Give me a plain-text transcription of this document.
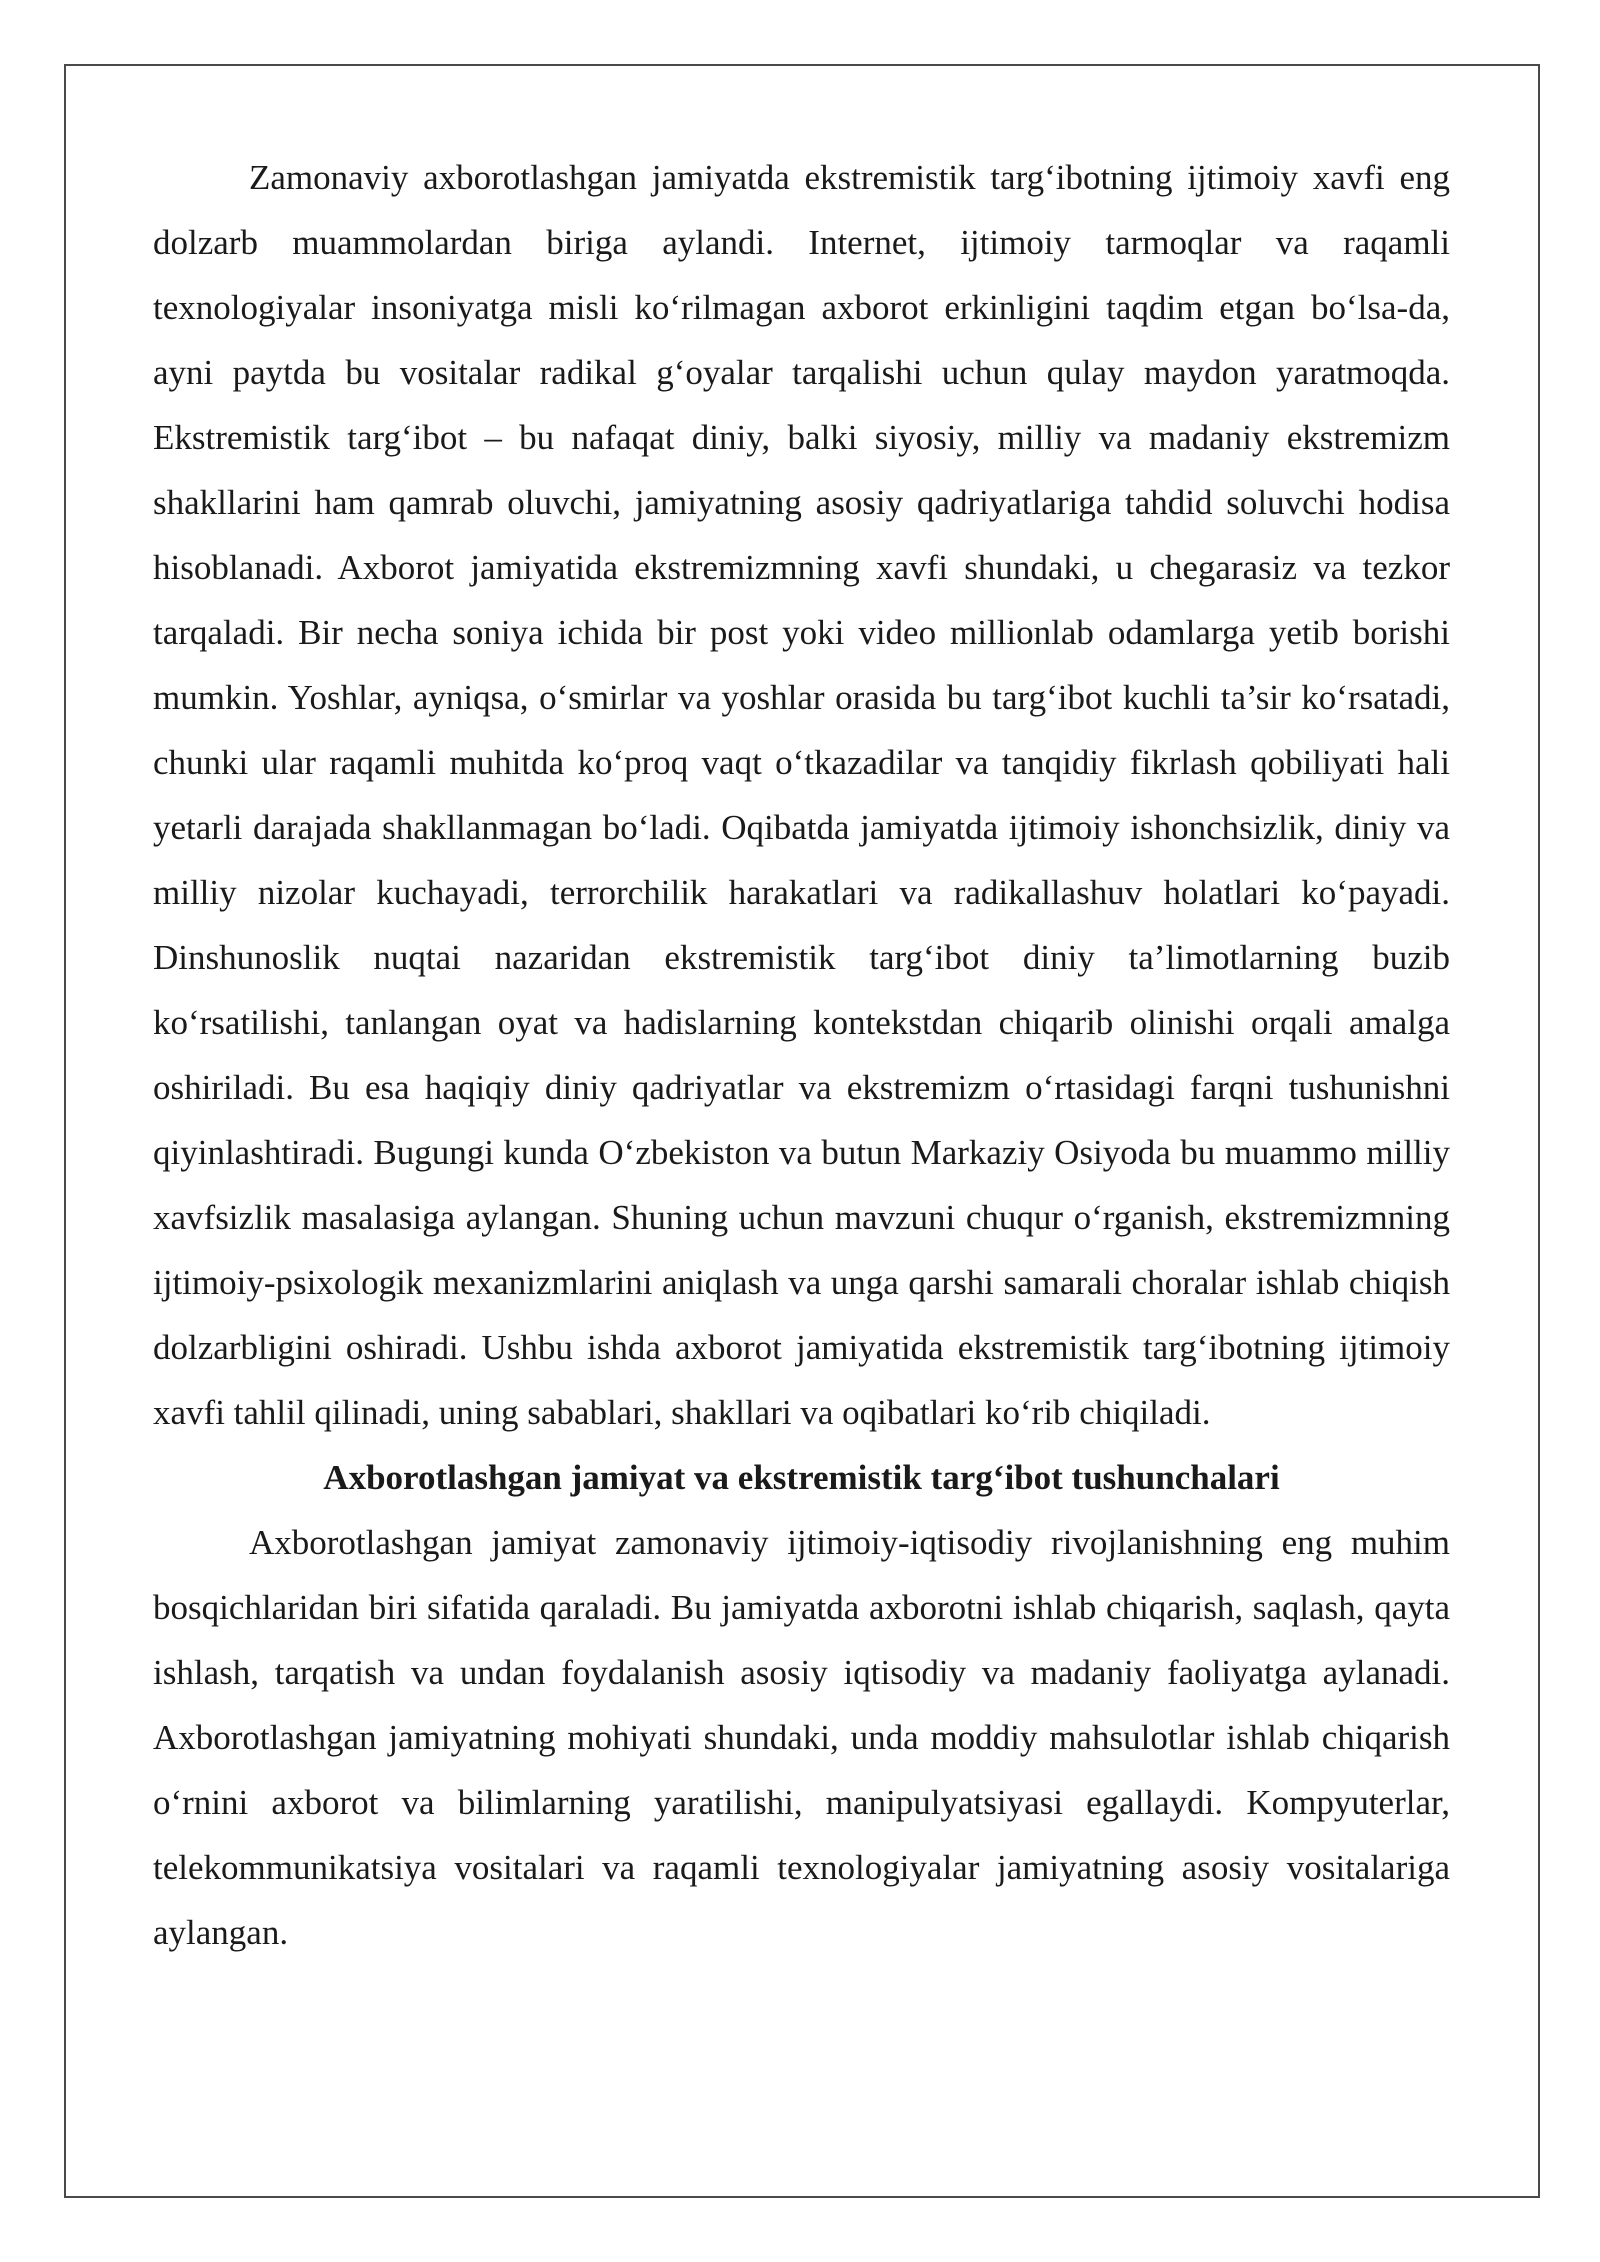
Zamonaviy axborotlashgan jamiyatda ekstremistik targ‘ibotning ijtimoiy xavfi eng dolzarb muammolardan biriga aylandi. Internet, ijtimoiy tarmoqlar va raqamli texnologiyalar insoniyatga misli ko‘rilmagan axborot erkinligini taqdim etgan bo‘lsa-da, ayni paytda bu vositalar radikal g‘oyalar tarqalishi uchun qulay maydon yaratmoqda. Ekstremistik targ‘ibot – bu nafaqat diniy, balki siyosiy, milliy va madaniy ekstremizm shakllarini ham qamrab oluvchi, jamiyatning asosiy qadriyatlariga tahdid soluvchi hodisa hisoblanadi. Axborot jamiyatida ekstremizmning xavfi shundaki, u chegarasiz va tezkor tarqaladi. Bir necha soniya ichida bir post yoki video millionlab odamlarga yetib borishi mumkin. Yoshlar, ayniqsa, o‘smirlar va yoshlar orasida bu targ‘ibot kuchli ta’sir ko‘rsatadi, chunki ular raqamli muhitda ko‘proq vaqt o‘tkazadilar va tanqidiy fikrlash qobiliyati hali yetarli darajada shakllanmagan bo‘ladi. Oqibatda jamiyatda ijtimoiy ishonchsizlik, diniy va milliy nizolar kuchayadi, terrorchilik harakatlari va radikallashuv holatlari ko‘payadi. Dinshunoslik nuqtai nazaridan ekstremistik targ‘ibot diniy ta’limotlarning buzib ko‘rsatilishi, tanlangan oyat va hadislarning kontekstdan chiqarib olinishi orqali amalga oshiriladi. Bu esa haqiqiy diniy qadriyatlar va ekstremizm o‘rtasidagi farqni tushunishni qiyinlashtiradi. Bugungi kunda O‘zbekiston va butun Markaziy Osiyoda bu muammo milliy xavfsizlik masalasiga aylangan. Shuning uchun mavzuni chuqur o‘rganish, ekstremizmning ijtimoiy-psixologik mexanizmlarini aniqlash va unga qarshi samarali choralar ishlab chiqish dolzarbligini oshiradi. Ushbu ishda axborot jamiyatida ekstremistik targ‘ibotning ijtimoiy xavfi tahlil qilinadi, uning sabablari, shakllari va oqibatlari ko‘rib chiqiladi.

Axborotlashgan jamiyat va ekstremistik targ‘ibot tushunchalari

Axborotlashgan jamiyat zamonaviy ijtimoiy-iqtisodiy rivojlanishning eng muhim bosqichlaridan biri sifatida qaraladi. Bu jamiyatda axborotni ishlab chiqarish, saqlash, qayta ishlash, tarqatish va undan foydalanish asosiy iqtisodiy va madaniy faoliyatga aylanadi. Axborotlashgan jamiyatning mohiyati shundaki, unda moddiy mahsulotlar ishlab chiqarish o‘rnini axborot va bilimlarning yaratilishi, manipulyatsiyasi egallaydi. Kompyuterlar, telekommunikatsiya vositalari va raqamli texnologiyalar jamiyatning asosiy vositalariga aylangan.
